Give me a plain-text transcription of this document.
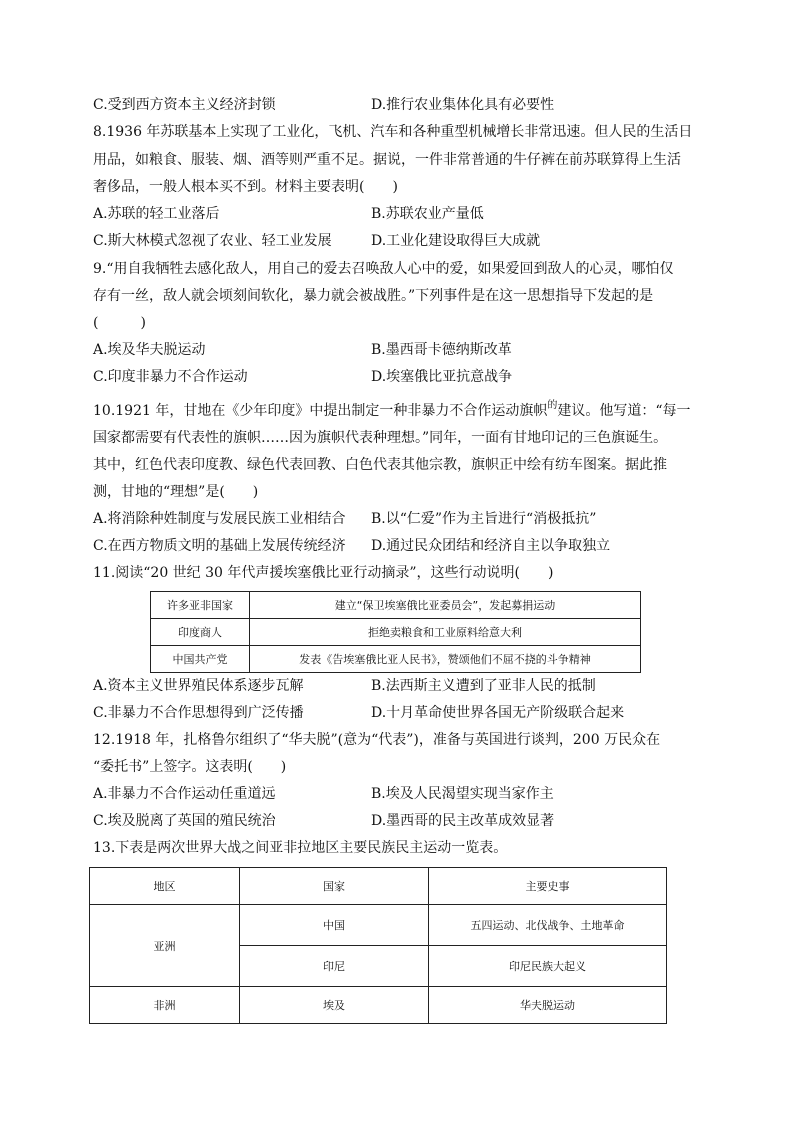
C.受到西方资本主义经济封锁	D.推行农业集体化具有必要性
8.1936 年苏联基本上实现了工业化，飞机、汽车和各种重型机械增长非常迅速。但人民的生活日
用品，如粮食、服装、烟、酒等则严重不足。据说，一件非常普通的牛仔裤在前苏联算得上生活
奢侈品，一般人根本买不到。材料主要表明(　　)
A.苏联的轻工业落后	B.苏联农业产量低
C.斯大林模式忽视了农业、轻工业发展	D.工业化建设取得巨大成就
9.“用自我牺牲去感化敌人，用自己的爱去召唤敌人心中的爱，如果爱回到敌人的心灵，哪怕仅
存有一丝，敌人就会顷刻间软化，暴力就会被战胜。”下列事件是在这一思想指导下发起的是
(　　　)
A.埃及华夫脱运动	B.墨西哥卡德纳斯改革
C.印度非暴力不合作运动	D.埃塞俄比亚抗意战争
10.1921 年，甘地在《少年印度》中提出制定一种非暴力不合作运动旗帜$^的$建议。他写道：“每一
国家都需要有代表性的旗帜……因为旗帜代表种理想。”同年，一面有甘地印记的三色旗诞生。
其中，红色代表印度教、绿色代表回教、白色代表其他宗教，旗帜正中绘有纺车图案。据此推
测，甘地的“理想”是(　　)
A.将消除种姓制度与发展民族工业相结合 B.以“仁爱”作为主旨进行“消极抵抗”
C.在西方物质文明的基础上发展传统经济 D.通过民众团结和经济自主以争取独立
11.阅读“20 世纪 30 年代声援埃塞俄比亚行动摘录”，这些行动说明(　　)
许多亚非国家	建立“保卫埃塞俄比亚委员会”，发起募捐运动
印度商人	拒绝卖粮食和工业原料给意大利
中国共产党	发表《告埃塞俄比亚人民书》，赞颂他们不屈不挠的斗争精神
A.资本主义世界殖民体系逐步瓦解	B.法西斯主义遭到了亚非人民的抵制
C.非暴力不合作思想得到广泛传播	D.十月革命使世界各国无产阶级联合起来
12.1918 年，扎格鲁尔组织了“华夫脱”(意为“代表”)，准备与英国进行谈判，200 万民众在
“委托书”上签字。这表明(　　)
A.非暴力不合作运动任重道远	B.埃及人民渴望实现当家作主
C.埃及脱离了英国的殖民统治	D.墨西哥的民主改革成效显著
13.下表是两次世界大战之间亚非拉地区主要民族民主运动一览表。
地区	国家	主要史事
亚洲	中国	五四运动、北伐战争、土地革命
	印尼	印尼民族大起义
非洲	埃及	华夫脱运动
